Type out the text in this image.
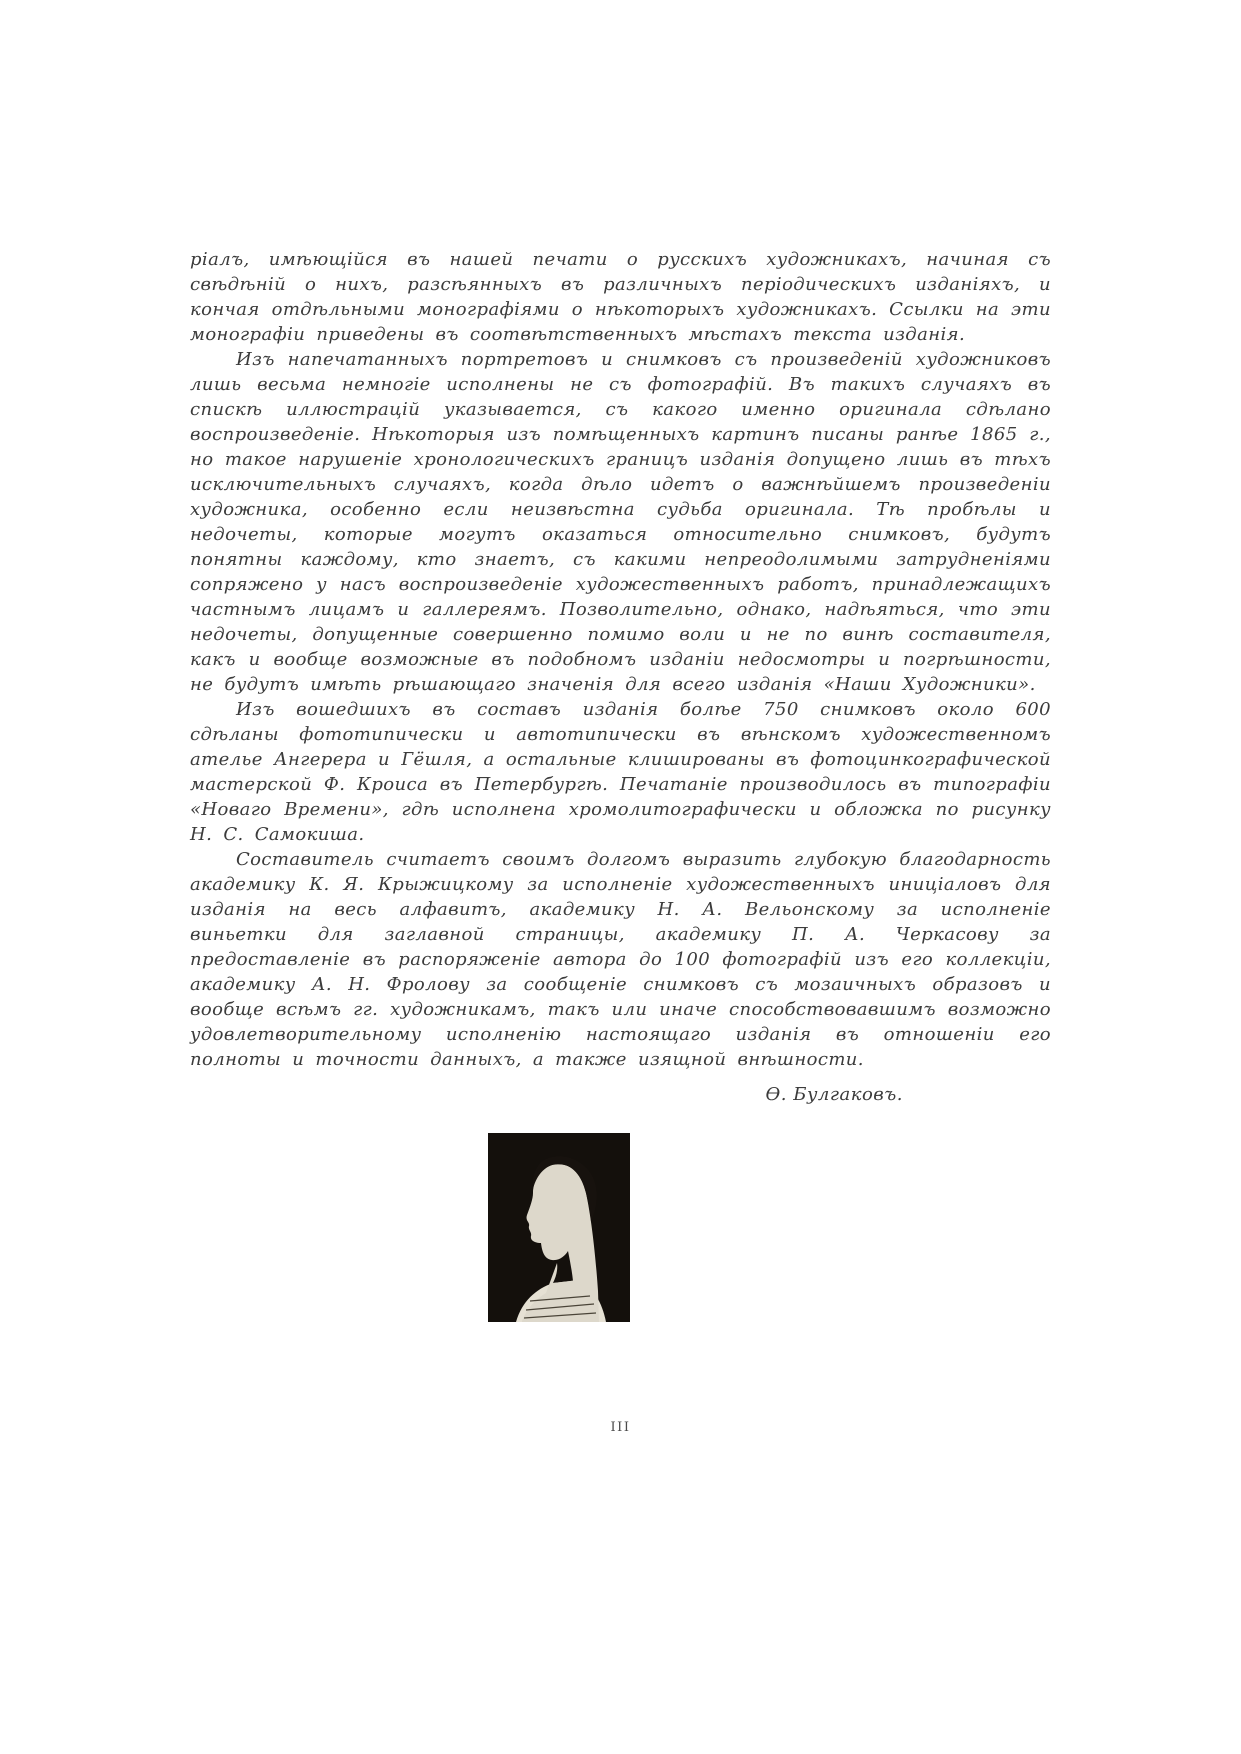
ріалъ, имѣющійся въ нашей печати о русскихъ художникахъ, начиная съ свѣдѣній о нихъ, разсѣянныхъ въ различныхъ періодическихъ изданіяхъ, и кончая отдѣльными монографіями о нѣкоторыхъ художникахъ. Ссылки на эти монографіи приведены въ соотвѣтственныхъ мѣстахъ текста изданія.

Изъ напечатанныхъ портретовъ и снимковъ съ произведеній художниковъ лишь весьма немногіе исполнены не съ фотографій. Въ такихъ случаяхъ въ спискѣ иллюстрацій указывается, съ какого именно оригинала сдѣлано воспроизведеніе. Нѣкоторыя изъ помѣщенныхъ картинъ писаны ранѣе 1865 г., но такое нарушеніе хронологическихъ границъ изданія допущено лишь въ тѣхъ исключительныхъ случаяхъ, когда дѣло идетъ о важнѣйшемъ произведеніи художника, особенно если неизвѣстна судьба оригинала. Тѣ пробѣлы и недочеты, которые могутъ оказаться относительно снимковъ, будутъ понятны каждому, кто знаетъ, съ какими непреодолимыми затрудненіями сопряжено у насъ воспроизведеніе художественныхъ работъ, принадлежащихъ частнымъ лицамъ и галлереямъ. Позволительно, однако, надѣяться, что эти недочеты, допущенные совершенно помимо воли и не по винѣ составителя, какъ и вообще возможные въ подобномъ изданіи недосмотры и погрѣшности, не будутъ имѣть рѣшающаго значенія для всего изданія «Наши Художники».

Изъ вошедшихъ въ составъ изданія болѣе 750 снимковъ около 600 сдѣланы фототипически и автотипически въ вѣнскомъ художественномъ ателье Ангерера и Гёшля, а остальные клишированы въ фотоцинкографической мастерской Ф. Кроиса въ Петербургѣ. Печатаніе производилось въ типографіи «Новаго Времени», гдѣ исполнена хромолитографически и обложка по рисунку Н. С. Самокиша.

Составитель считаетъ своимъ долгомъ выразить глубокую благодарность академику К. Я. Крыжицкому за исполненіе художественныхъ иниціаловъ для изданія на весь алфавитъ, академику Н. А. Вельонскому за исполненіе виньетки для заглавной страницы, академику П. А. Черкасову за предоставленіе въ распоряженіе автора до 100 фотографій изъ его коллекціи, академику А. Н. Фролову за сообщеніе снимковъ съ мозаичныхъ образовъ и вообще всѣмъ гг. художникамъ, такъ или иначе способствовавшимъ возможно удовлетворительному исполненію настоящаго изданія въ отношеніи его полноты и точности данныхъ, а также изящной внѣшности.

Ө. Булгаковъ.
III
